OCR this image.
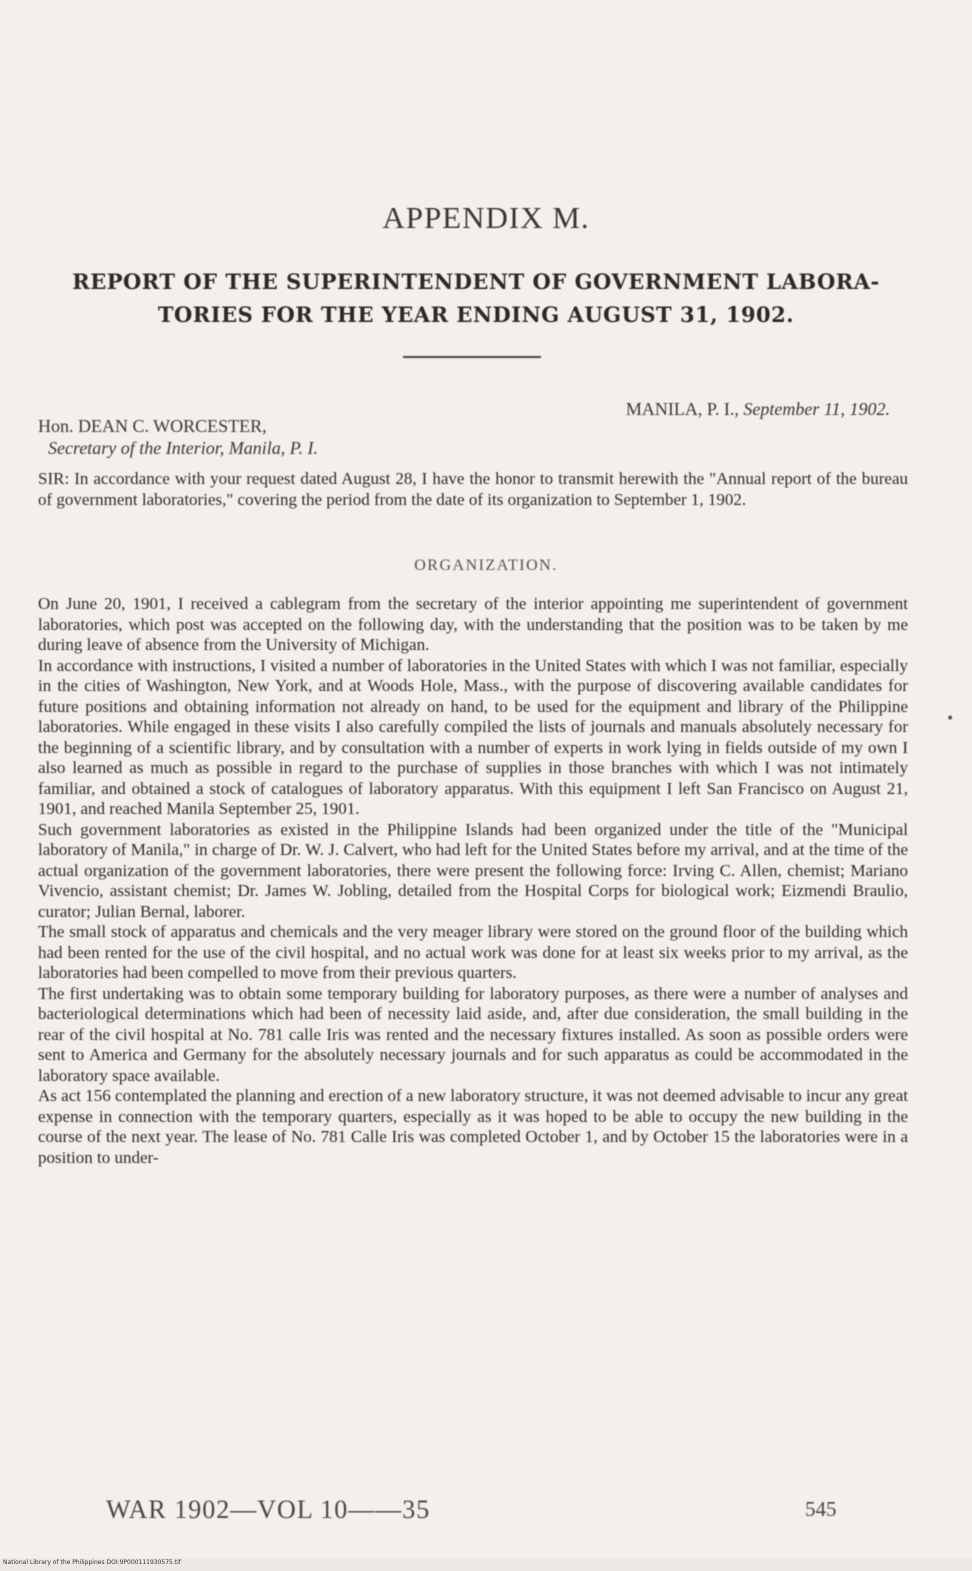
APPENDIX M.
REPORT OF THE SUPERINTENDENT OF GOVERNMENT LABORA-
TORIES FOR THE YEAR ENDING AUGUST 31, 1902.
MANILA, P. I., September 11, 1902.
Hon. DEAN C. WORCESTER,
Secretary of the Interior, Manila, P. I.

SIR: In accordance with your request dated August 28, I have the honor to transmit herewith the "Annual report of the bureau of government laboratories," covering the period from the date of its organization to September 1, 1902.

ORGANIZATION.

On June 20, 1901, I received a cablegram from the secretary of the interior appointing me superintendent of government laboratories, which post was accepted on the following day, with the understanding that the position was to be taken by me during leave of absence from the University of Michigan.

In accordance with instructions, I visited a number of laboratories in the United States with which I was not familiar, especially in the cities of Washington, New York, and at Woods Hole, Mass., with the purpose of discovering available candidates for future positions and obtaining information not already on hand, to be used for the equipment and library of the Philippine laboratories. While engaged in these visits I also carefully compiled the lists of journals and manuals absolutely necessary for the beginning of a scientific library, and by consultation with a number of experts in work lying in fields outside of my own I also learned as much as possible in regard to the purchase of supplies in those branches with which I was not intimately familiar, and obtained a stock of catalogues of laboratory apparatus. With this equipment I left San Francisco on August 21, 1901, and reached Manila September 25, 1901.

Such government laboratories as existed in the Philippine Islands had been organized under the title of the "Municipal laboratory of Manila," in charge of Dr. W. J. Calvert, who had left for the United States before my arrival, and at the time of the actual organization of the government laboratories, there were present the following force: Irving C. Allen, chemist; Mariano Vivencio, assistant chemist; Dr. James W. Jobling, detailed from the Hospital Corps for biological work; Eizmendi Braulio, curator; Julian Bernal, laborer.

The small stock of apparatus and chemicals and the very meager library were stored on the ground floor of the building which had been rented for the use of the civil hospital, and no actual work was done for at least six weeks prior to my arrival, as the laboratories had been compelled to move from their previous quarters.

The first undertaking was to obtain some temporary building for laboratory purposes, as there were a number of analyses and bacteriological determinations which had been of necessity laid aside, and, after due consideration, the small building in the rear of the civil hospital at No. 781 calle Iris was rented and the necessary fixtures installed. As soon as possible orders were sent to America and Germany for the absolutely necessary journals and for such apparatus as could be accommodated in the laboratory space available.

As act 156 contemplated the planning and erection of a new laboratory structure, it was not deemed advisable to incur any great expense in connection with the temporary quarters, especially as it was hoped to be able to occupy the new building in the course of the next year. The lease of No. 781 Calle Iris was completed October 1, and by October 15 the laboratories were in a position to under-

•
WAR 1902—VOL 10——35	545
National Library of the Philippines DOI:9P000111930575.tif
